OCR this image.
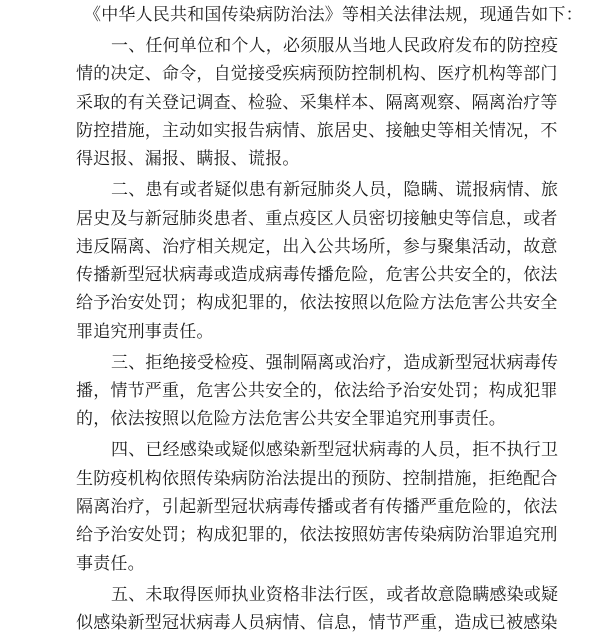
《中华人民共和国传染病防治法》等相关法律法规，现通告如下：
一、任何单位和个人，必须服从当地人民政府发布的防控疫
情的决定、命令，自觉接受疾病预防控制机构、医疗机构等部门
采取的有关登记调查、检验、采集样本、隔离观察、隔离治疗等
防控措施，主动如实报告病情、旅居史、接触史等相关情况，不
得迟报、漏报、瞒报、谎报。
二、患有或者疑似患有新冠肺炎人员，隐瞒、谎报病情、旅
居史及与新冠肺炎患者、重点疫区人员密切接触史等信息，或者
违反隔离、治疗相关规定，出入公共场所，参与聚集活动，故意
传播新型冠状病毒或造成病毒传播危险，危害公共安全的，依法
给予治安处罚；构成犯罪的，依法按照以危险方法危害公共安全
罪追究刑事责任。
三、拒绝接受检疫、强制隔离或治疗，造成新型冠状病毒传
播，情节严重，危害公共安全的，依法给予治安处罚；构成犯罪
的，依法按照以危险方法危害公共安全罪追究刑事责任。
四、已经感染或疑似感染新型冠状病毒的人员，拒不执行卫
生防疫机构依照传染病防治法提出的预防、控制措施，拒绝配合
隔离治疗，引起新型冠状病毒传播或者有传播严重危险的，依法
给予治安处罚；构成犯罪的，依法按照妨害传染病防治罪追究刑
事责任。
五、未取得医师执业资格非法行医，或者故意隐瞒感染或疑
似感染新型冠状病毒人员病情、信息，情节严重，造成已被感染
